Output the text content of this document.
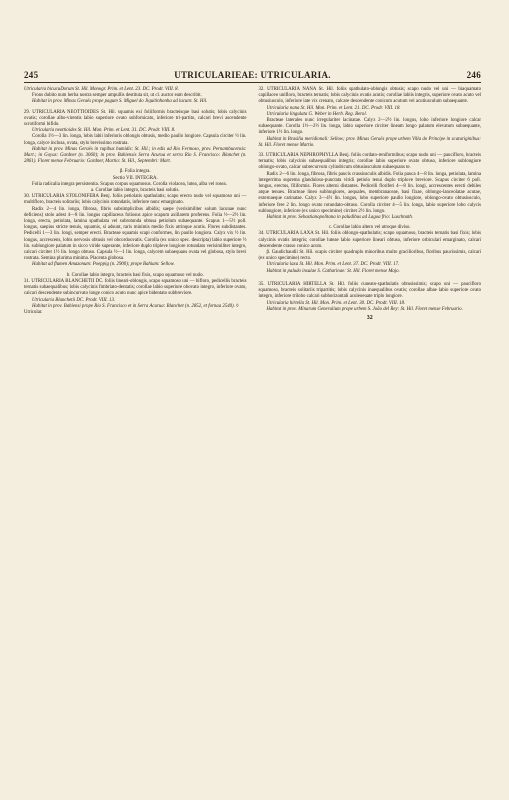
245	UTRICULARIEAE: UTRICULARIA.	246

Utricularia bicucuDorum St. Hil. Monogr. Prim. et Lent. 23. DC. Prodr. VIII. 8.

Frons dubito num herba nostra semper ampullis destituta sit, ut cl. auctor eam describit.

Habitat in prov. Minas Geraës prope pagum S. Miguel do Jiquitinhonha ad lacum: St. Hil.

29. UTRICULARIA NEOTTIOIDES St. Hil. squamis exi foliiformis bracteisque basi solutis; lobis calycinis ovatis; corollae albo-virentis labio superiore ovato subfornicato, inferiore tri-partito, calcari brevi ascendente scrotiformi bifido.

Utricularia neottioides St. Hil. Mon. Prim. et Lent. 31. DC. Prodr. VIII. 8.

Corolla 1½—3 lin. longa, lobis labii inferioris oblongis obtusis, medio paullo longiore. Capsula circiter ½ lin. longa, calyce inclusa, ovata, stylo brevissimo rostrata.

Habitat in prov. Minas Geraës in rupibus humidis: St. Hil.; in edis ad Rio Fermoso, prov. Pernambucensis: Mart.; in Goyas: Gardner (n. 3060); in prov. Bahiensis Serra Acurua et serra Rio S. Francisco: Blanchet (n. 2861). Floret mense Februario: Gardner, Martio: St. Hil., Septembri: Mart.

β. Folia integra.

Sectio VII. INTEGRA.

Folia radicalia integra persistentia. Scapus corpus squamosus. Corolla violacea, lutea, alba vel rosea.

a. Corollae labio integro, bracteis basi solutis.

30. UTRICULARIA STOLONIFERA Benj. foliis petiolatis spathulatis; scapo erecto nudo vel squamoso uni — multifloro, bracteis solitariis; lobis calycinis rotundatis, inferiore nunc emarginato.

Radix 2—4 lin. longa, fibrosa, fibris subsimplicibus albidis; saepe (verisimiliter solum lacunae nunc deficiens) stolo adest 4—8 lin. longus capillaceus foliosus apice scapum axillarem proferens. Folia ½—2½ lin. longa, erecta, petiolata, lamina spathulata vel subrotunda obtusa petiolum subaequante. Scapus 1—5½ poll. longus, saepius stricte tenuis, squamis, si adsunt, raris minimis medio fixis utrinque acutis. Flores subdistantes. Pedicelli 1—3 lin. longi, semper erecti. Bracteae squamis scapi conformes, lin paullo longiora. Calyx vix ½ lin. longus, accrescens, lobis nervosis obtusis vel obcordoovatis. Corolla (ex unico spec. descripta) labio superiore ½ lin. sublongiore palatum in sicco viride superante, inferiore duplo tripleve longiore rotundato verisimiliter integro, calcari circiter 1½ lin. longo obtuso. Capsula ½—1 lin. longa, calycem subaequans ovata vel globosa, stylo brevi rostrata. Semina plurima minima. Placenta globosa.

Habitat ad flumen Amazonum: Poeppig (n. 2900); prope Bahiam: Sellow.

b. Corollae labio integro, bracteis basi fixis, scapo squamoso vel nudo.

31. UTRICULARIA BLANCHETII DC. foliis lineari-oblongis, scapo squamoso uni — bifloro, pedicellis bracteis ternatis subaequalibus; lobis calycinis fimbriato-dentatis; corollae labio superiore obovato integro, inferiore ovato, calcari descendente subincurvato longe conico acuto nunc apice bidentato subbreviore.

Utricularia Blanchetii DC. Prodr. VIII. 13.

Habitat in prov. Bahiensi prope Rio S. Francisco et in Serra Acurua: Blanchet (n. 2852, et fornaa 2540). ◊

Utricular.

32. UTRICULARIA NANA St. Hil. foliis spathulato-oblongis obtusis; scapo nudo vel uni — biaquamato capillaceo unifloro, bracteis ternatis; lobis calycinis ovatis acutis; corollae labiis integris, superiore ovato acuto vel obtusiusculo, inferiore late vix crenato, calcare descendente conicum acutum vel acutiusculum subaequante.

Utricularia nana St. Hil. Mon. Prim. et Lent. 21. DC. Prodr. VIII. 18.

Utricularia lingulata G. Weber in Herb. Reg. Berol.

Bracteae laterales nunc irregulariter lacinatae. Calyx 2—2½ lin. longus, lobo inferiore longiore calcar subaequante. Corolla 1½—2½ lin. longa, labio superiore circiter lineam longo palatum elevatum subaequante, inferiore 1½ lin. longo.

Habitat in Brasilia meridionali: Sellow; prov. Minas Geraës prope urbem Villa do Principe in scaturiginibus: St. Hil. Floret mense Martio.

33. UTRICULARIA NEPHROPHYLLA Benj. foliis cordato-reniformibus; scapo nudo uni — paucifloro, bracteis ternatis; lobis calycinis subaequalibus integris; corollae labio superiore ovato obtuso, inferiore sublongiore oblongo-ovato, calcar subrecurvum cylindricum obtusiusculum subaequans te.

Radix 2—6 lin. longa, fibrosa, fibris paucis crassiusculis albidis. Folia pauca 4—8 lin. longa, petiolata, lamina integerrima suprema glanduloso-punctata viridi petiolo tenui duplo triplove breviore. Scapus circiter 6 poll. longus, erectus, filiformis. Flores alterni distantes. Pedicelli floriferi 4—8 lin. longi, accrescentes erecti debiles atque tenues. Bracteae lineo sublongiores, aequales, membranaceae, basi fixae, oblongo-lanceolatae acutae, externaeque carinatae. Calyx 3—4½ lin. longus, lobo superiore paullo longiore, oblongo-ovato obtusiusculo, inferiore fere 2 lin. longo ovato rotundato-obtuso. Corolla circiter 4—5 lin. longa, labio superiore lobo calycis sublongiore, inferiore (ex unico specimine) circiter 2½ lin. longo.

Habitat in prov. Sebastianopolitana in paludibus ad Lagoa frio: Luschnath.

c. Corollae labio altero vel utroque diviso.

34. UTRICULARIA LAXA St. Hil. foliis oblongo-spathulatis; scapo squamoso, bracteis ternatis basi fixis; lobis calycinis ovatis integris; corollae luteae labio superiore lineari obtuso, inferiore orbiculari emarginato, calcari descendente crasso conico acuto.

β. Gaudichaudii St. Hil. scapis circiter quadruplo minoribus multo gracilioribus, floribus paucissimis, calcari (ex unico specimine) recto.

Utricularia laxa St. Hil. Mon. Prim. et Lent. 37. DC. Prodr. VIII. 17.

Habitat in paludo insulae S. Catharinae: St. Hil. Floret mense Majo.

35. UTRICULARIA HIRTELLA St. Hil. foliis cuneato-spathulatis obtusissimis; scapo uni — paucifloro squamoso, bracteis solitariis tripartitis; lobis calycinis inaequalibus ovatis; corollae albae labio superiore ovato integro, inferiore trilobo calcari subhorizontali aculeoeuate triplo longiore.

Utricularia hirtella St. Hil. Mon. Prim. et Lent. 30. DC. Prodr. VIII. 18.

Habitat in prov. Minarum Generalium prope urbem S. João del Rey: St. Hil. Floret mense Februario.

32
